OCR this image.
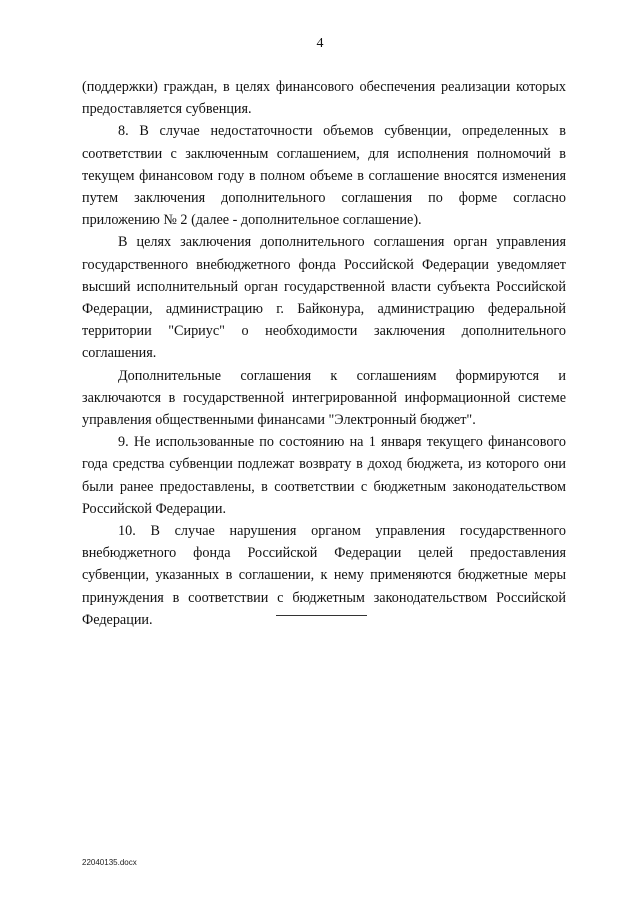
4

(поддержки) граждан, в целях финансового обеспечения реализации которых предоставляется субвенция.

8. В случае недостаточности объемов субвенции, определенных в соответствии с заключенным соглашением, для исполнения полномочий в текущем финансовом году в полном объеме в соглашение вносятся изменения путем заключения дополнительного соглашения по форме согласно приложению № 2 (далее - дополнительное соглашение).

В целях заключения дополнительного соглашения орган управления государственного внебюджетного фонда Российской Федерации уведомляет высший исполнительный орган государственной власти субъекта Российской Федерации, администрацию г. Байконура, администрацию федеральной территории "Сириус" о необходимости заключения дополнительного соглашения.

Дополнительные соглашения к соглашениям формируются и заключаются в государственной интегрированной информационной системе управления общественными финансами "Электронный бюджет".

9. Не использованные по состоянию на 1 января текущего финансового года средства субвенции подлежат возврату в доход бюджета, из которого они были ранее предоставлены, в соответствии с бюджетным законодательством Российской Федерации.

10. В случае нарушения органом управления государственного внебюджетного фонда Российской Федерации целей предоставления субвенции, указанных в соглашении, к нему применяются бюджетные меры принуждения в соответствии с бюджетным законодательством Российской Федерации.

22040135.docx
